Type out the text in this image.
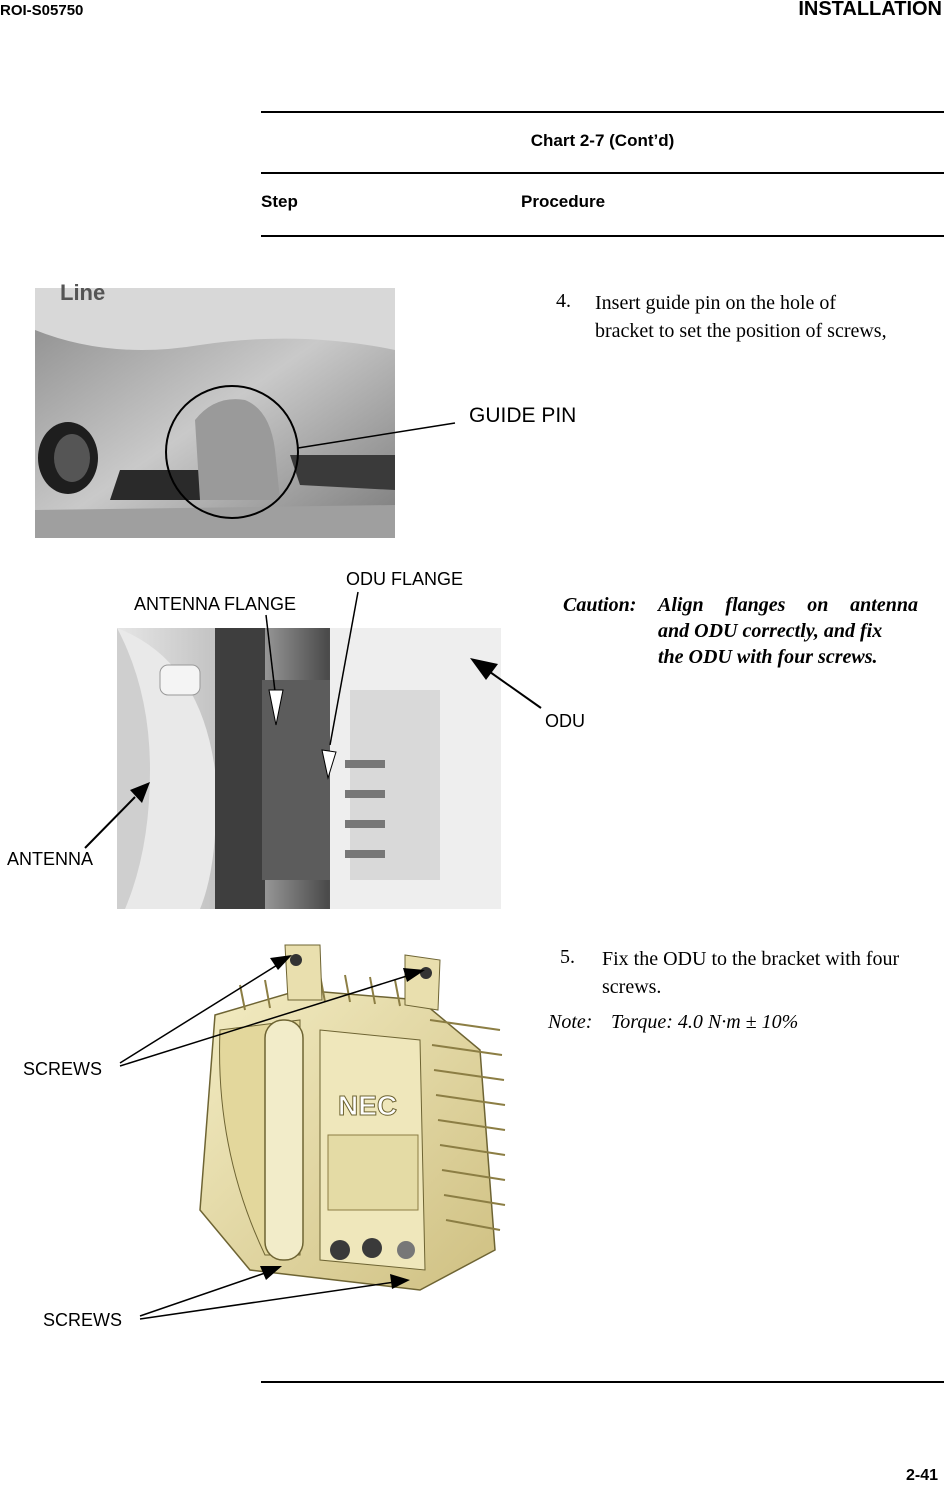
ROI-S05750	INSTALLATION
Chart 2-7 (Cont’d)
Step	Procedure
Line
NEC
GUIDE PIN
ODU FLANGE
ANTENNA FLANGE
ODU
ANTENNA
SCREWS
SCREWS
4. Insert guide pin on the hole of
bracket to set the position of screws,
Caution: Align flanges on antenna
and ODU correctly, and fix
the ODU with four screws.
5. Fix the ODU to the bracket with four
screws.
Note: Torque: 4.0 N·m ± 10%
2-41
